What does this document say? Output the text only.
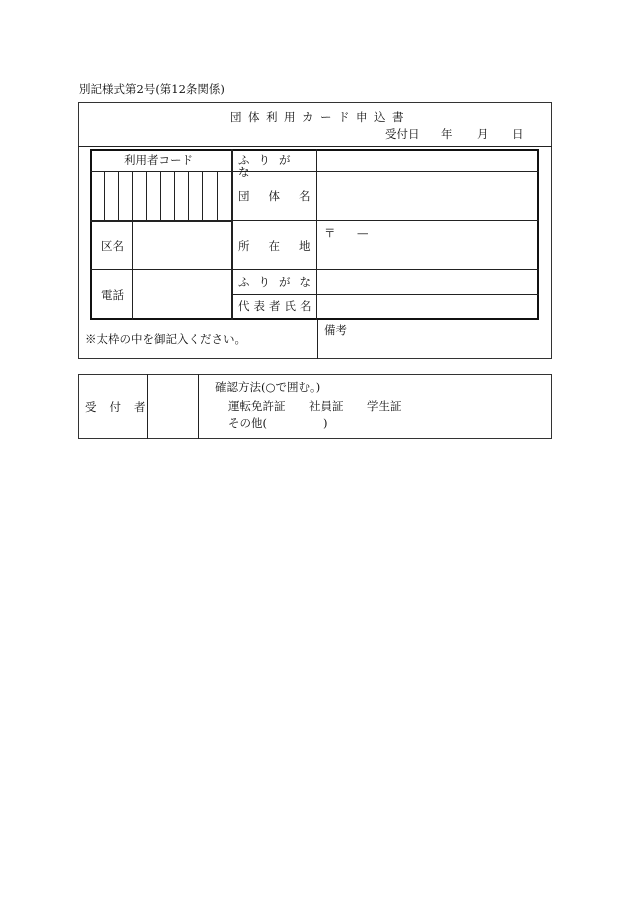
別記様式第2号(第12条関係)
団体利用カード申込書
受付日 年 月 日
利用者コード
区名
電話
ふりがな
団体名
所在地
ふりがな
代表者氏名
〒 —
※太枠の中を御記入ください。
備考
受付者
確認方法(○で囲む。)
運転免許証 社員証 学生証
その他(	)
